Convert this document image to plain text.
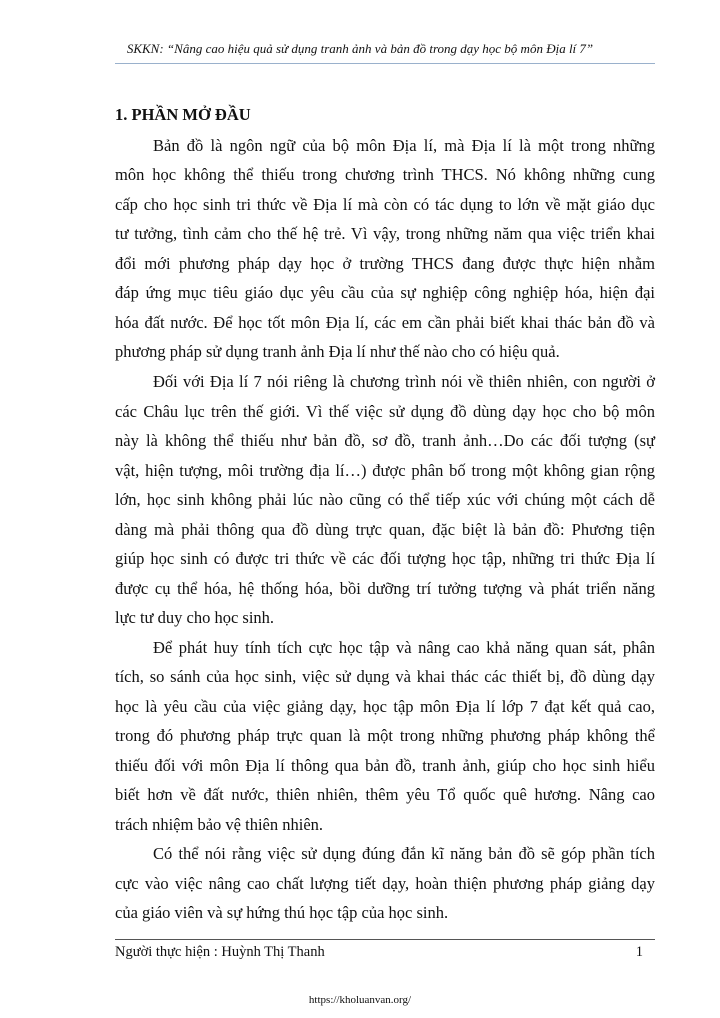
SKKN: “Nâng cao hiệu quả sử dụng tranh ảnh và bản đồ trong dạy học bộ môn Địa lí 7”
1. PHẦN MỞ ĐẦU
Bản đồ là ngôn ngữ của bộ môn Địa lí, mà Địa lí là một trong những
môn học không thể thiếu trong chương trình THCS. Nó không những cung
cấp cho học sinh tri thức về Địa lí mà còn có tác dụng to lớn về mặt giáo dục
tư tưởng, tình cảm cho thế hệ trẻ. Vì vậy, trong những năm qua việc triển khai
đổi mới phương pháp dạy học ở trường THCS đang được thực hiện nhằm
đáp ứng mục tiêu giáo dục yêu cầu của sự nghiệp công nghiệp hóa, hiện đại
hóa đất nước. Để học tốt môn Địa lí, các em cần phải biết khai thác bản đồ và
phương pháp sử dụng tranh ảnh Địa lí như thế nào cho có hiệu quả.
Đối với Địa lí 7 nói riêng là chương trình nói về thiên nhiên, con người ở
các Châu lục trên thế giới. Vì thế việc sử dụng đồ dùng dạy học cho bộ môn
này là không thể thiếu như bản đồ, sơ đồ, tranh ảnh…Do các đối tượng (sự
vật, hiện tượng, môi trường địa lí…) được phân bố trong một không gian rộng
lớn, học sinh không phải lúc nào cũng có thể tiếp xúc với chúng một cách dễ
dàng mà phải thông qua đồ dùng trực quan, đặc biệt là bản đồ: Phương tiện
giúp học sinh có được tri thức về các đối tượng học tập, những tri thức Địa lí
được cụ thể hóa, hệ thống hóa, bồi dưỡng trí tưởng tượng và phát triển năng
lực tư duy cho học sinh.
Để phát huy tính tích cực học tập và nâng cao khả năng quan sát, phân
tích, so sánh của học sinh, việc sử dụng và khai thác các thiết bị, đồ dùng dạy
học là yêu cầu của việc giảng dạy, học tập môn Địa lí lớp 7 đạt kết quả cao,
trong đó phương pháp trực quan là một trong những phương pháp không thể
thiếu đối với môn Địa lí thông qua bản đồ, tranh ảnh, giúp cho học sinh hiểu
biết hơn về đất nước, thiên nhiên, thêm yêu Tổ quốc quê hương. Nâng cao
trách nhiệm bảo vệ thiên nhiên.
Có thể nói rằng việc sử dụng đúng đắn kĩ năng bản đồ sẽ góp phần tích
cực vào việc nâng cao chất lượng tiết dạy, hoàn thiện phương pháp giảng dạy
của giáo viên và sự hứng thú học tập của học sinh.
Người thực hiện : Huỳnh Thị Thanh	1
https://kholuanvan.org/
